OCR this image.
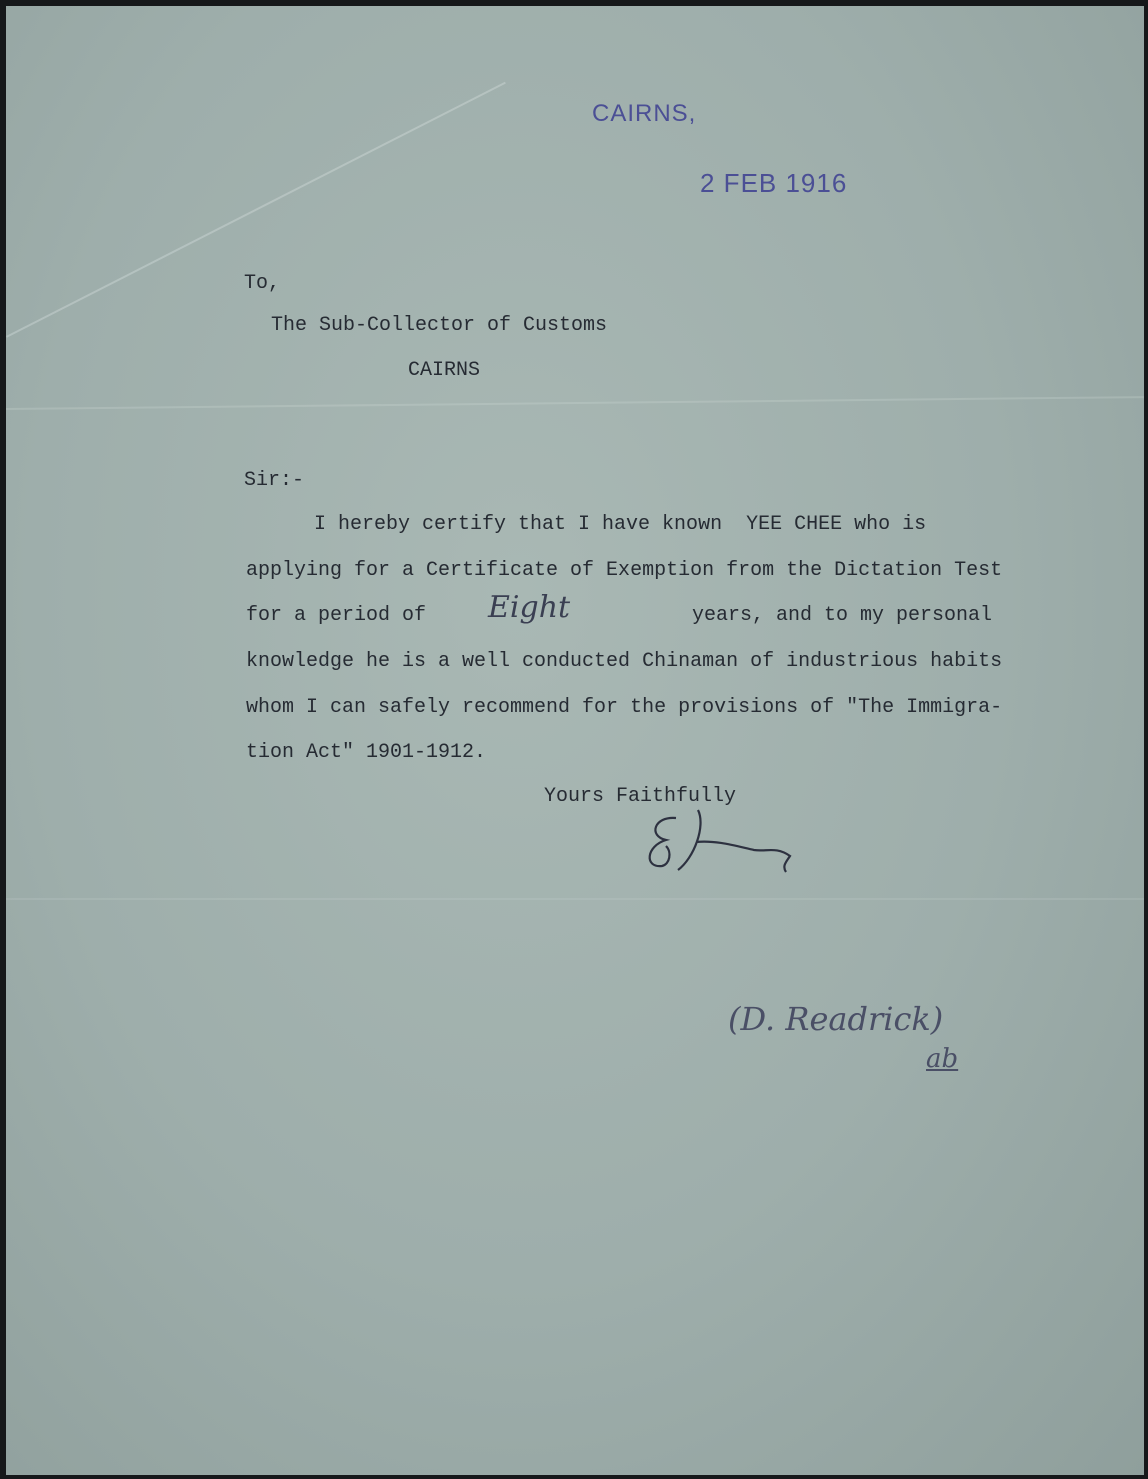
CAIRNS,
2 FEB 1916
To,
The Sub-Collector of Customs
CAIRNS
Sir:-
I hereby certify that I have known  YEE CHEE who is
applying for a Certificate of Exemption from the Dictation Test
for a period of Eight	years, and to my personal
knowledge he is a well conducted Chinaman of industrious habits
whom I can safely recommend for the provisions of "The Immigra-
tion Act" 1901-1912.
Yours Faithfully
(D. Readrick)
ab
